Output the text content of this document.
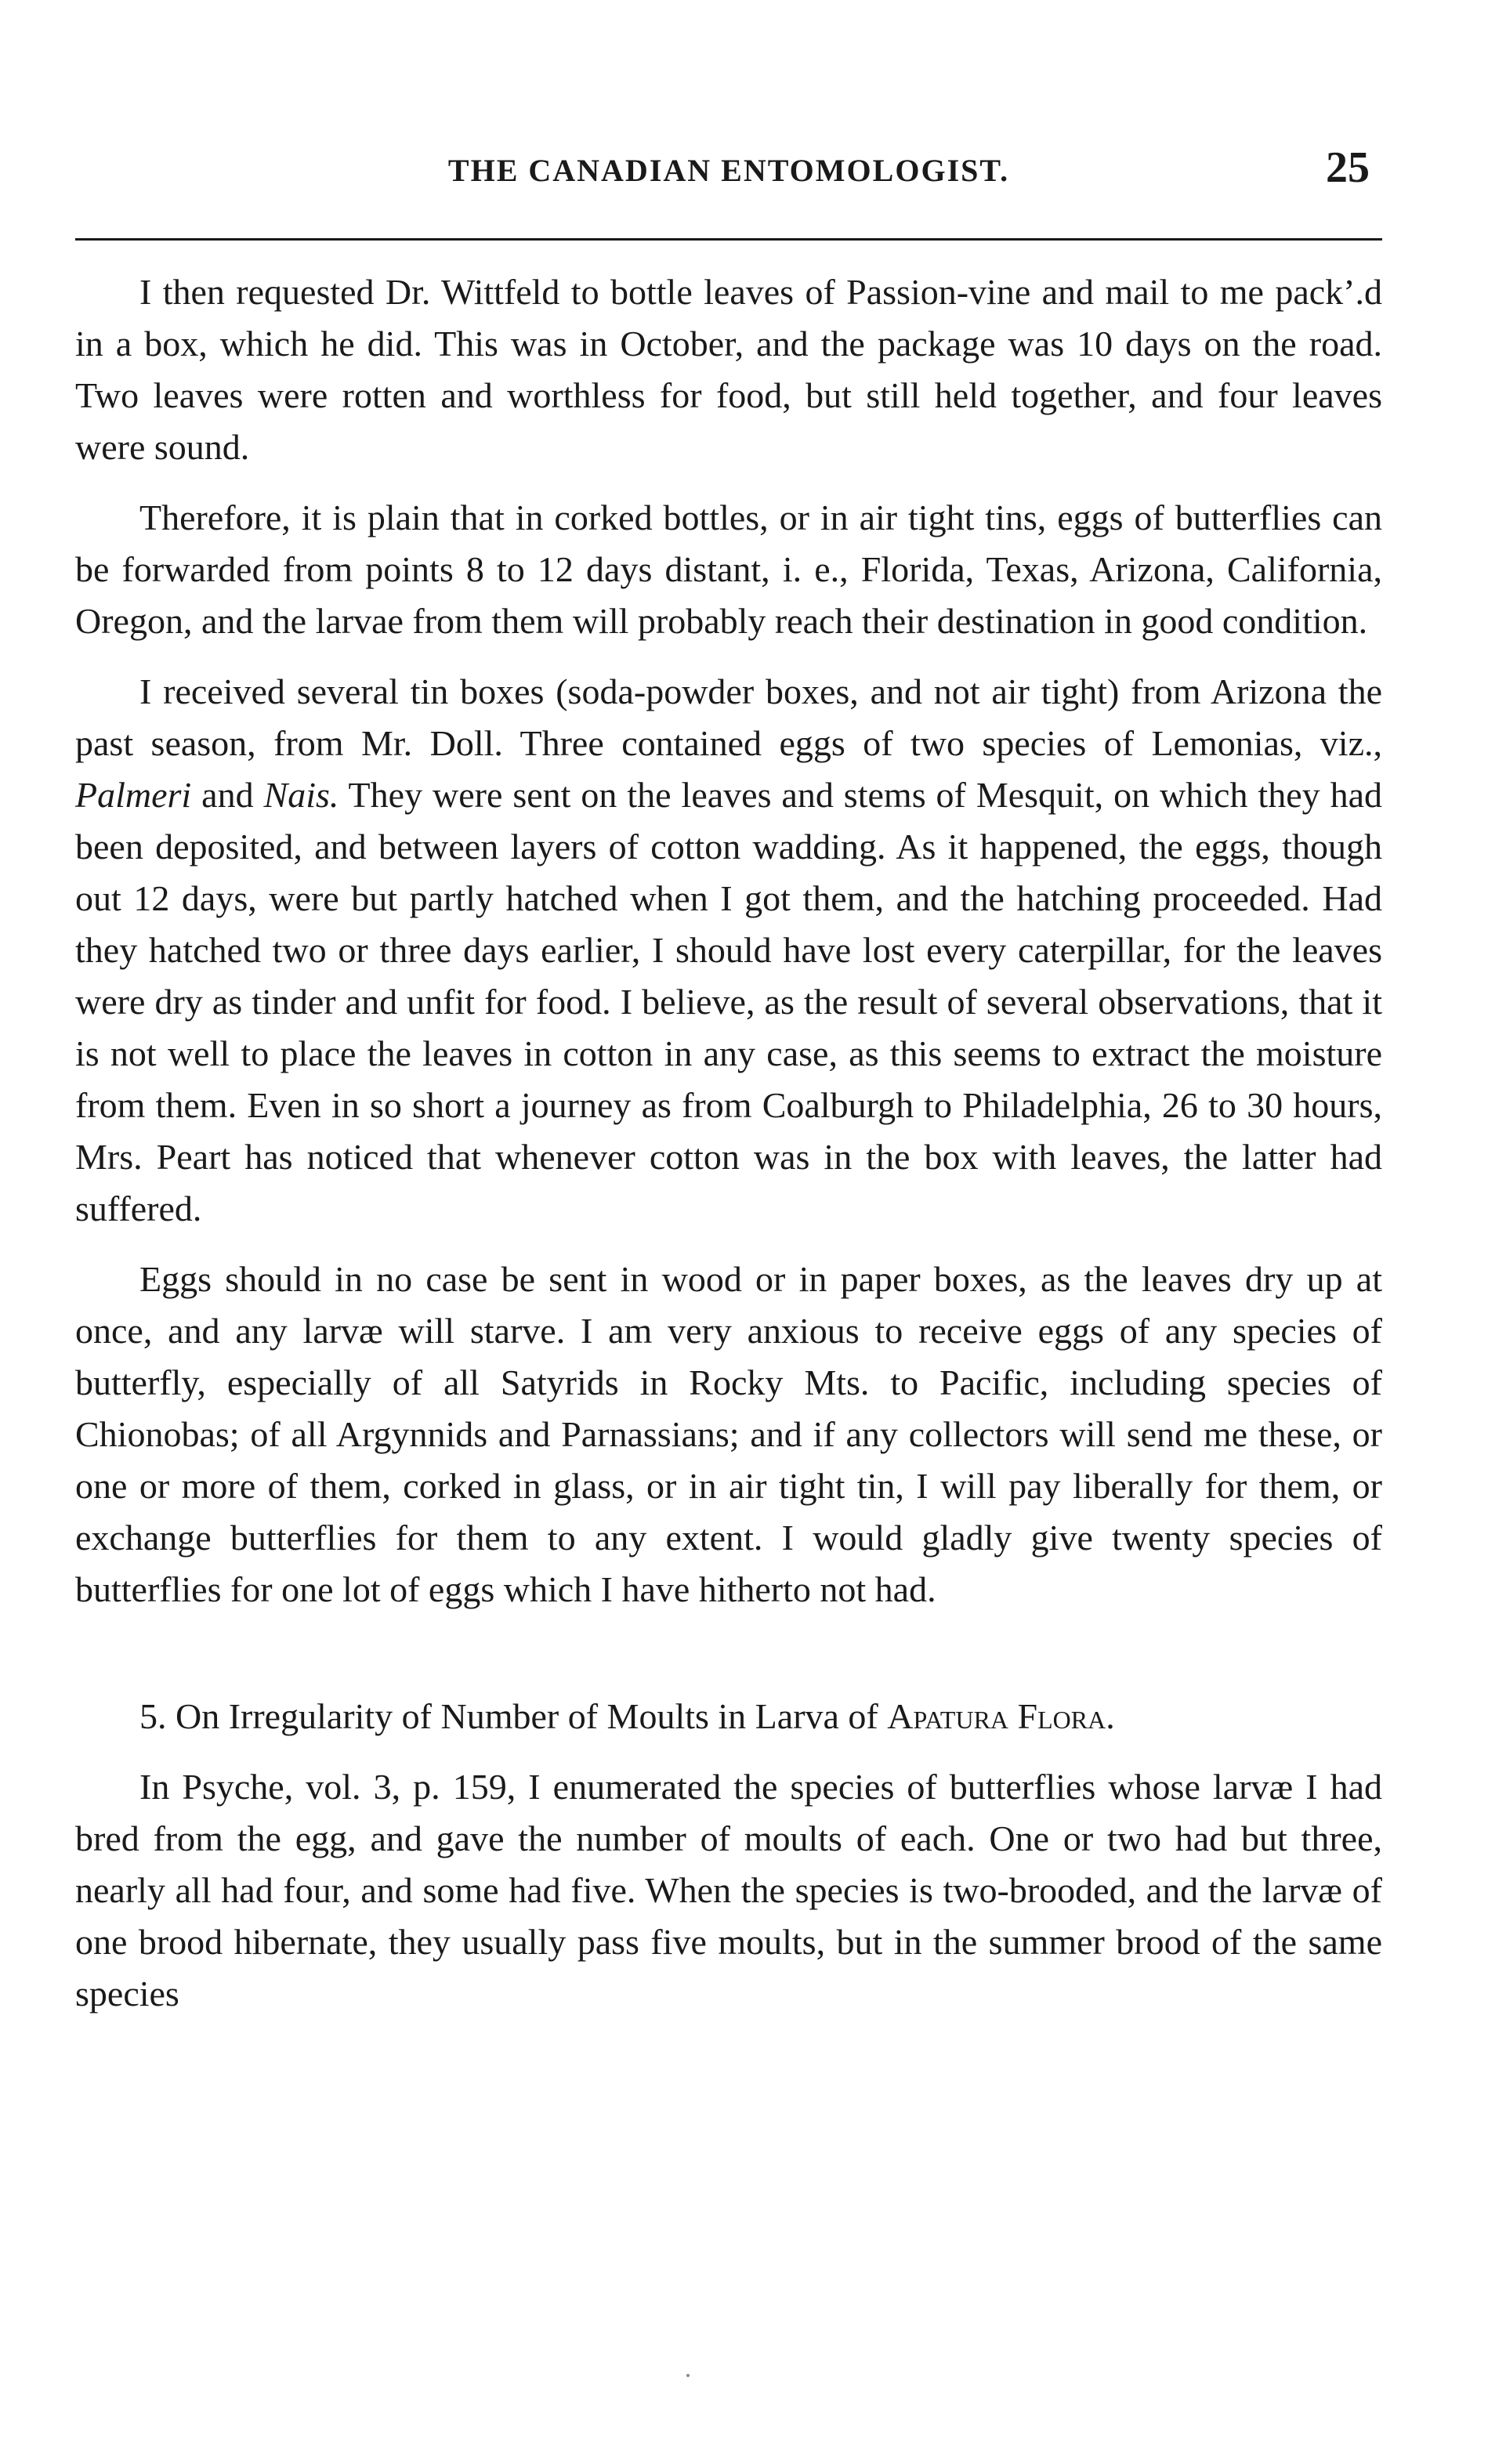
THE CANADIAN ENTOMOLOGIST.	25

I then requested Dr. Wittfeld to bottle leaves of Passion-vine and mail to me pack’.d in a box, which he did. This was in October, and the package was 10 days on the road. Two leaves were rotten and worthless for food, but still held together, and four leaves were sound.

Therefore, it is plain that in corked bottles, or in air tight tins, eggs of butterflies can be forwarded from points 8 to 12 days distant, i. e., Florida, Texas, Arizona, California, Oregon, and the larvae from them will probably reach their destination in good condition.

I received several tin boxes (soda-powder boxes, and not air tight) from Arizona the past season, from Mr. Doll. Three contained eggs of two species of Lemonias, viz., Palmeri and Nais. They were sent on the leaves and stems of Mesquit, on which they had been deposited, and between layers of cotton wadding. As it happened, the eggs, though out 12 days, were but partly hatched when I got them, and the hatching proceeded. Had they hatched two or three days earlier, I should have lost every caterpillar, for the leaves were dry as tinder and unfit for food. I believe, as the result of several observations, that it is not well to place the leaves in cotton in any case, as this seems to extract the moisture from them. Even in so short a journey as from Coalburgh to Philadelphia, 26 to 30 hours, Mrs. Peart has noticed that whenever cotton was in the box with leaves, the latter had suffered.

Eggs should in no case be sent in wood or in paper boxes, as the leaves dry up at once, and any larvæ will starve. I am very anxious to receive eggs of any species of butterfly, especially of all Satyrids in Rocky Mts. to Pacific, including species of Chionobas; of all Argynnids and Parnassians; and if any collectors will send me these, or one or more of them, corked in glass, or in air tight tin, I will pay liberally for them, or exchange butterflies for them to any extent. I would gladly give twenty species of butterflies for one lot of eggs which I have hitherto not had.

5. On Irregularity of Number of Moults in Larva of Apatura Flora.

In Psyche, vol. 3, p. 159, I enumerated the species of butterflies whose larvæ I had bred from the egg, and gave the number of moults of each. One or two had but three, nearly all had four, and some had five. When the species is two-brooded, and the larvæ of one brood hibernate, they usually pass five moults, but in the summer brood of the same species
